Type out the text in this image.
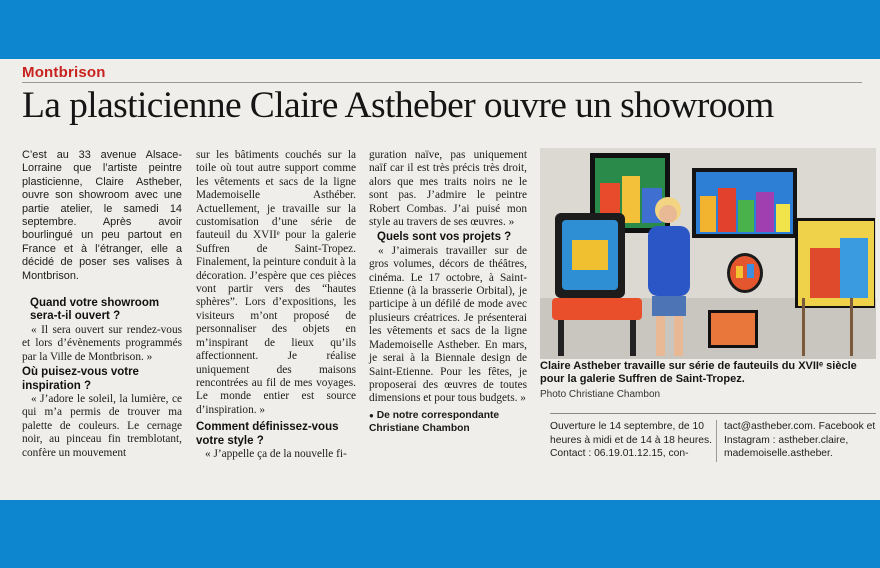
Montbrison
La plasticienne Claire Astheber ouvre un showroom

C’est au 33 avenue Alsace-Lorraine que l’artiste peintre plasticienne, Claire Astheber, ouvre son showroom avec une partie atelier, le samedi 14 septembre. Après avoir bourlingué un peu partout en France et à l’étranger, elle a décidé de poser ses valises à Montbrison.

Quand votre showroom sera-t-il ouvert ?

« Il sera ouvert sur rendez-vous et lors d’évènements programmés par la Ville de Montbrison. »

Où puisez-vous votre inspiration ?

« J’adore le soleil, la lumière, ce qui m’a permis de trouver ma palette de couleurs. Le cernage noir, au pinceau fin tremblotant, confère un mouvement

sur les bâtiments couchés sur la toile où tout autre support comme les vêtements et sacs de la ligne Mademoiselle Asthéber. Actuellement, je travaille sur la customisation d’une série de fauteuil du XVIIᵉ pour la galerie Suffren de Saint-Tropez. Finalement, la peinture conduit à la décoration. J’espère que ces pièces vont partir vers des “hautes sphères”. Lors d’expositions, les visiteurs m’ont proposé de personnaliser des objets en m’inspirant de lieux qu’ils affectionnent. Je réalise uniquement des maisons rencontrées au fil de mes voyages. Le monde entier est source d’inspiration. »

Comment définissez-vous votre style ?

« J’appelle ça de la nouvelle fi-

guration naïve, pas uniquement naïf car il est très précis très droit, alors que mes traits noirs ne le sont pas. J’admire le peintre Robert Combas. J’ai puisé mon style au travers de ses œuvres. »

Quels sont vos projets ?

« J’aimerais travailler sur de gros volumes, décors de théâtres, cinéma. Le 17 octobre, à Saint-Etienne (à la brasserie Orbital), je participe à un défilé de mode avec plusieurs créatrices. Je présenterai les vêtements et sacs de la ligne Mademoiselle Astheber. En mars, je serai à la Biennale design de Saint-Etienne. Pour les fêtes, je proposerai des œuvres de toutes dimensions et pour tous budgets. »

● De notre correspondante
Christiane Chambon

Claire Astheber travaille sur série de fauteuils du XVIIᵉ siècle pour la galerie Suffren de Saint-Tropez.
Photo Christiane Chambon
Ouverture le 14 septembre, de 10 heures à midi et de 14 à 18 heures. Contact : 06.19.01.12.15, con-
tact@astheber.com. Facebook et Instagram : astheber.claire, mademoiselle.astheber.
